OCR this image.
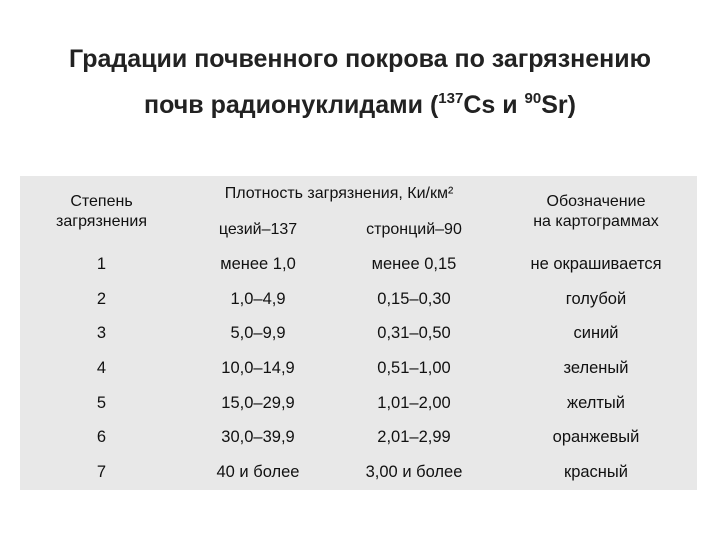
Градации почвенного покрова по загрязнению
почв радионуклидами ($^{137}$Cs и $^{90}$Sr)
Степень
загрязнения	Плотность загрязнения, Ки/км²		Обозначение
на картограммах

	цезий–137	стронций–90	
1	менее 1,0	менее 0,15	не окрашивается
2	1,0–4,9	0,15–0,30	голубой
3	5,0–9,9	0,31–0,50	синий
4	10,0–14,9	0,51–1,00	зеленый
5	15,0–29,9	1,01–2,00	желтый
6	30,0–39,9	2,01–2,99	оранжевый
7	40 и более	3,00 и более	красный
